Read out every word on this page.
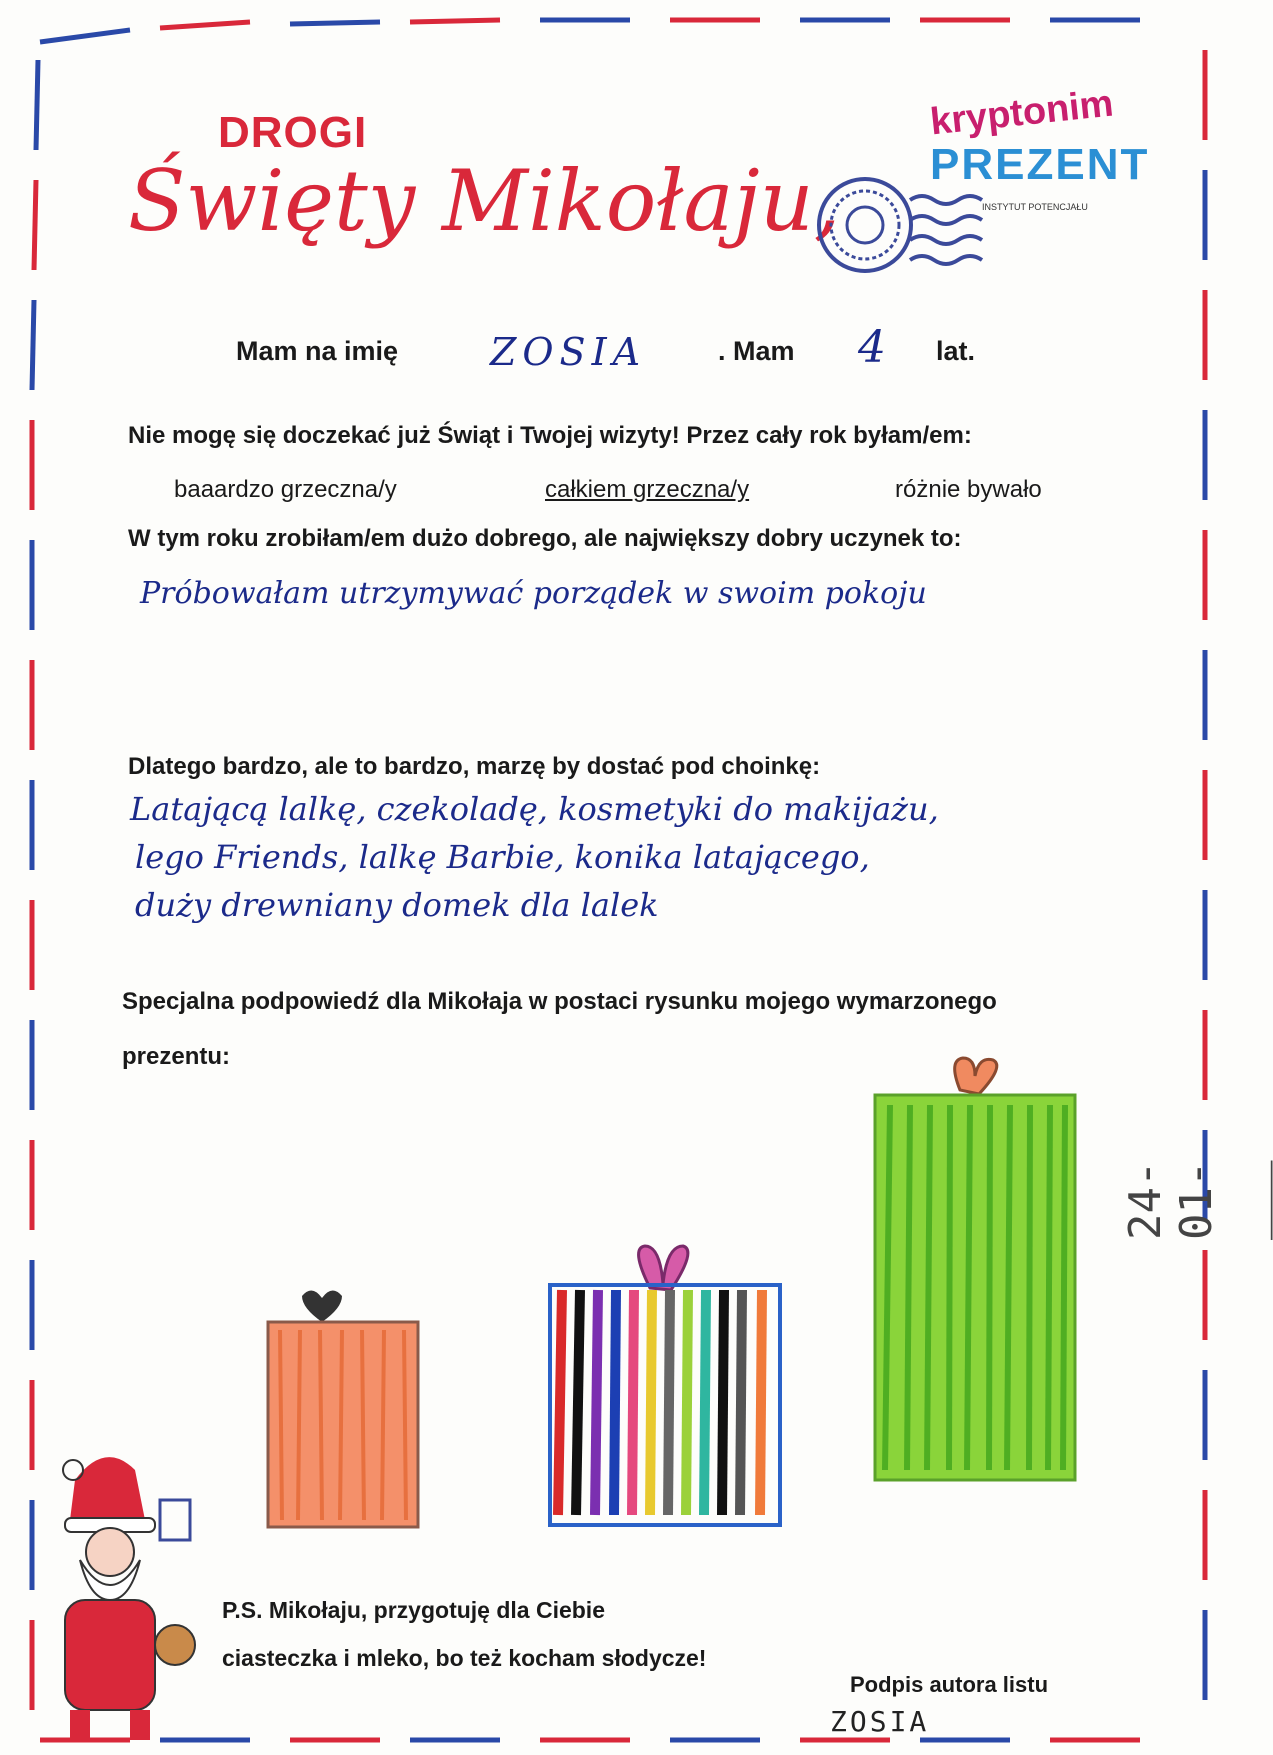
DROGI
Święty Mikołaju,
kryptonim
PREZENT
INSTYTUT POTENCJAŁU
Mam na imię ZOSIA	. Mam 4 lat.
Nie mogę się doczekać już Świąt i Twojej wizyty! Przez cały rok byłam/em:
baaardzo grzeczna/y	całkiem grzeczna/y	różnie bywało
W tym roku zrobiłam/em dużo dobrego, ale największy dobry uczynek to:
Próbowałam utrzymywać porządek w swoim pokoju
Dlatego bardzo, ale to bardzo, marzę by dostać pod choinkę:
Latającą lalkę, czekoladę, kosmetyki do makijażu,
lego Friends, lalkę Barbie, konika latającego,
duży drewniany domek dla lalek
Specjalna podpowiedź dla Mikołaja w postaci rysunku mojego wymarzonego
prezentu:
24-01-___
P.S. Mikołaju, przygotuję dla Ciebie
ciasteczka i mleko, bo też kocham słodycze!
Podpis autora listu
ZOSIA
